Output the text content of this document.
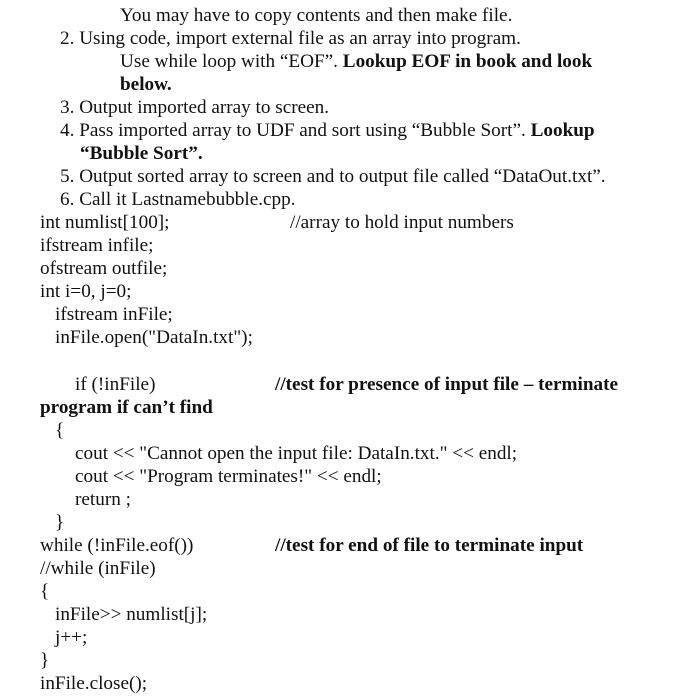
You may have to copy contents and then make file.
2. Using code, import external file as an array into program.
Use while loop with “EOF”. Lookup EOF in book and look
below.
3. Output imported array to screen.
4. Pass imported array to UDF and sort using “Bubble Sort”. Lookup
“Bubble Sort”.
5. Output sorted array to screen and to output file called “DataOut.txt”.
6. Call it Lastnamebubble.cpp.
int numlist[100];	//array to hold input numbers
ifstream infile;
ofstream outfile;
int i=0, j=0;
ifstream inFile;
inFile.open("DataIn.txt");
if (!inFile)	//test for presence of input file – terminate
program if can’t find
{
cout << "Cannot open the input file: DataIn.txt." << endl;
cout << "Program terminates!" << endl;
return ;
}
while (!inFile.eof())	//test for end of file to terminate input
//while (inFile)
{
inFile>> numlist[j];
j++;
}
inFile.close();
